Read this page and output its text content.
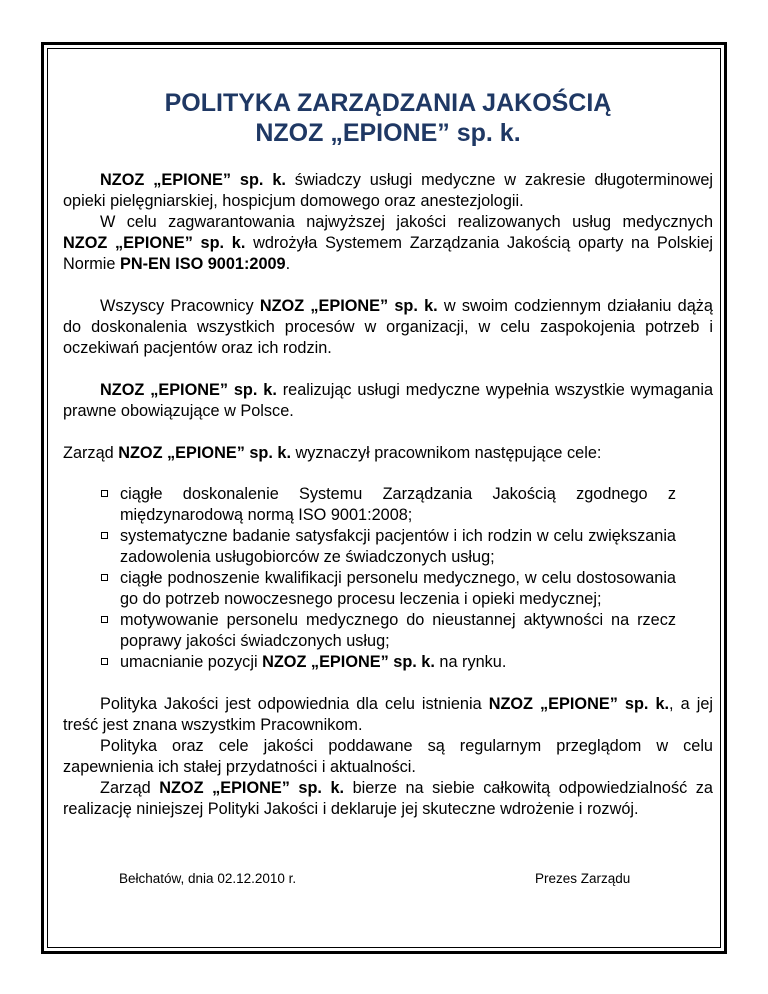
POLITYKA ZARZĄDZANIA JAKOŚCIĄ
NZOZ „EPIONE” sp. k.

NZOZ „EPIONE” sp. k. świadczy usługi medyczne w zakresie długoterminowej opieki pielęgniarskiej, hospicjum domowego oraz anestezjologii.

W celu zagwarantowania najwyższej jakości realizowanych usług medycznych NZOZ „EPIONE” sp. k. wdrożyła Systemem Zarządzania Jakością oparty na Polskiej Normie PN-EN ISO 9001:2009.

Wszyscy Pracownicy NZOZ „EPIONE” sp. k. w swoim codziennym działaniu dążą do doskonalenia wszystkich procesów w organizacji, w celu zaspokojenia potrzeb i oczekiwań pacjentów oraz ich rodzin.

NZOZ „EPIONE” sp. k. realizując usługi medyczne wypełnia wszystkie wymagania prawne obowiązujące w Polsce.

Zarząd NZOZ „EPIONE” sp. k. wyznaczył pracownikom następujące cele:

ciągłe doskonalenie Systemu Zarządzania Jakością zgodnego z międzynarodową normą ISO 9001:2008;
systematyczne badanie satysfakcji pacjentów i ich rodzin w celu zwiększania zadowolenia usługobiorców ze świadczonych usług;
ciągłe podnoszenie kwalifikacji personelu medycznego, w celu dostosowania go do potrzeb nowoczesnego procesu leczenia i opieki medycznej;
motywowanie personelu medycznego do nieustannej aktywności na rzecz poprawy jakości świadczonych usług;
umacnianie pozycji NZOZ „EPIONE” sp. k. na rynku.

Polityka Jakości jest odpowiednia dla celu istnienia NZOZ „EPIONE” sp. k., a jej treść jest znana wszystkim Pracownikom.

Polityka oraz cele jakości poddawane są regularnym przeglądom w celu zapewnienia ich stałej przydatności i aktualności.

Zarząd NZOZ „EPIONE” sp. k. bierze na siebie całkowitą odpowiedzialność za realizację niniejszej Polityki Jakości i deklaruje jej skuteczne wdrożenie i rozwój.

Bełchatów, dnia 02.12.2010 r.	Prezes Zarządu
